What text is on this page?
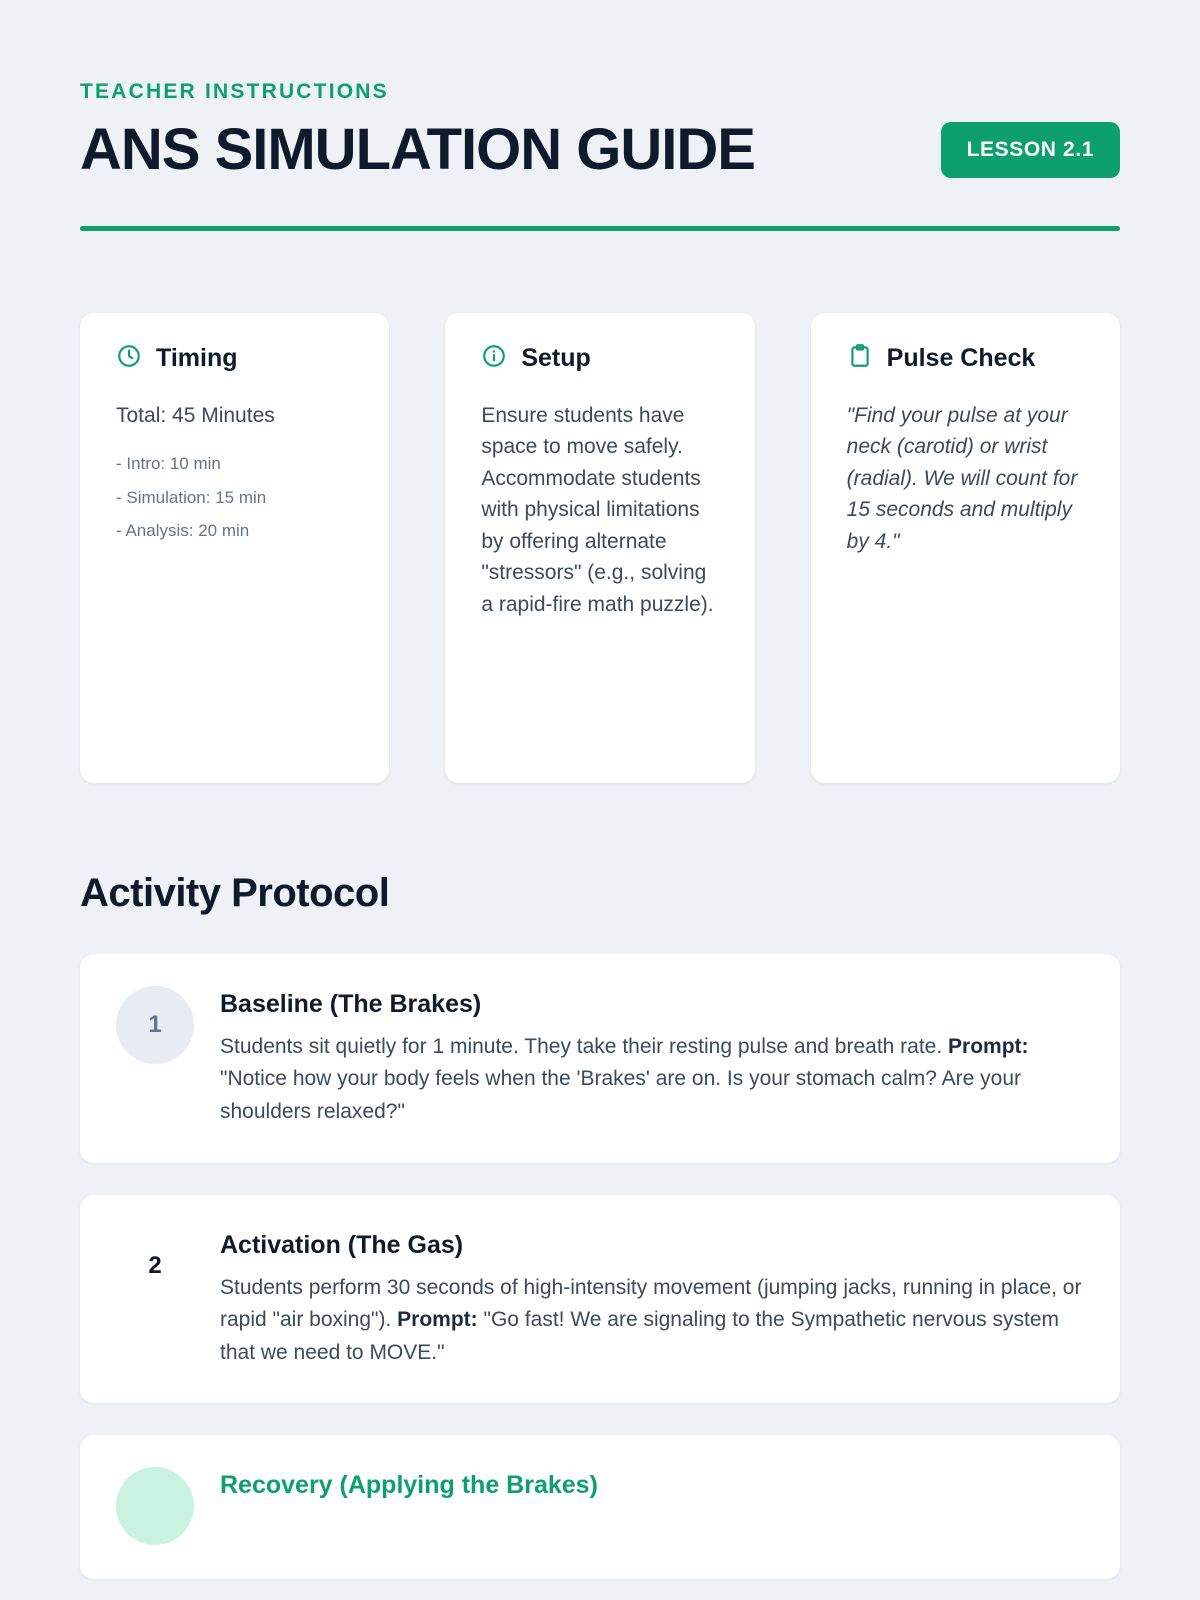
TEACHER INSTRUCTIONS
ANS SIMULATION GUIDE	LESSON 2.1
Timing

Total: 45 Minutes

- Intro: 10 min
- Simulation: 15 min
- Analysis: 20 min
Setup

Ensure students have space to move safely. Accommodate students with physical limitations by offering alternate "stressors" (e.g., solving a rapid-fire math puzzle).

Pulse Check

"Find your pulse at your neck (carotid) or wrist (radial). We will count for 15 seconds and multiply by 4."

Activity Protocol
1
Baseline (The Brakes)

Students sit quietly for 1 minute. They take their resting pulse and breath rate. Prompt: "Notice how your body feels when the 'Brakes' are on. Is your stomach calm? Are your shoulders relaxed?"

2
Activation (The Gas)

Students perform 30 seconds of high-intensity movement (jumping jacks, running in place, or rapid "air boxing"). Prompt: "Go fast! We are signaling to the Sympathetic nervous system that we need to MOVE."

Recovery (Applying the Brakes)
